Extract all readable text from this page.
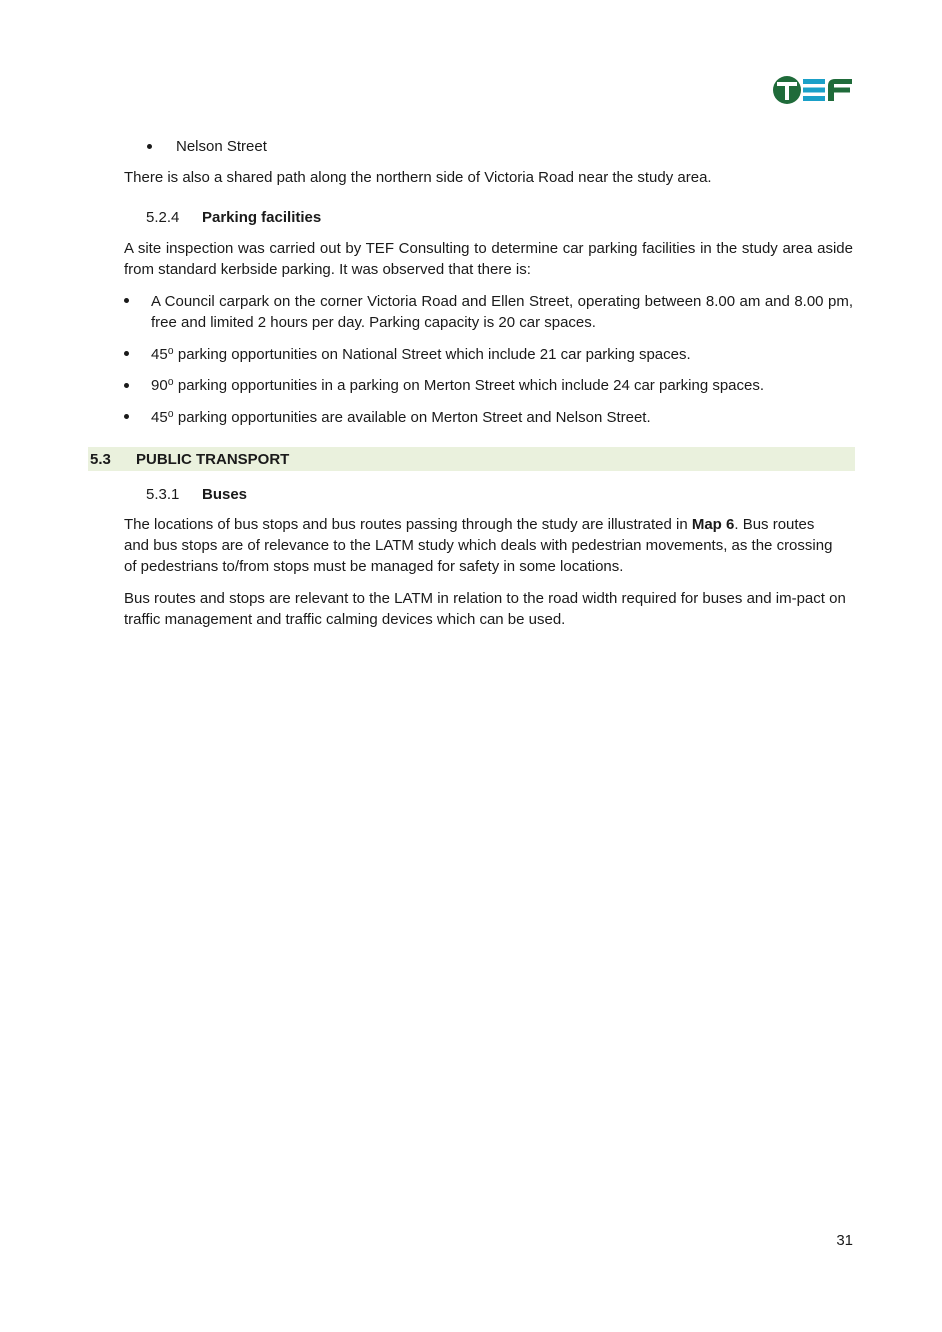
Nelson Street
There is also a shared path along the northern side of Victoria Road near the study area.
5.2.4 Parking facilities
A site inspection was carried out by TEF Consulting to determine car parking facilities in the study area aside from standard kerbside parking. It was observed that there is:
A Council carpark on the corner Victoria Road and Ellen Street, operating between 8.00 am and 8.00 pm, free and limited 2 hours per day. Parking capacity is 20 car spaces.
45⁰ parking opportunities on National Street which include 21 car parking spaces.
90⁰ parking opportunities in a parking on Merton Street which include 24 car parking spaces.
45⁰ parking opportunities are available on Merton Street and Nelson Street.
5.3 PUBLIC TRANSPORT
5.3.1 Buses
The locations of bus stops and bus routes passing through the study are illustrated in Map 6. Bus routes and bus stops are of relevance to the LATM study which deals with pedestrian movements, as the crossing of pedestrians to/from stops must be managed for safety in some locations.
Bus routes and stops are relevant to the LATM in relation to the road width required for buses and im-pact on traffic management and traffic calming devices which can be used.
31
